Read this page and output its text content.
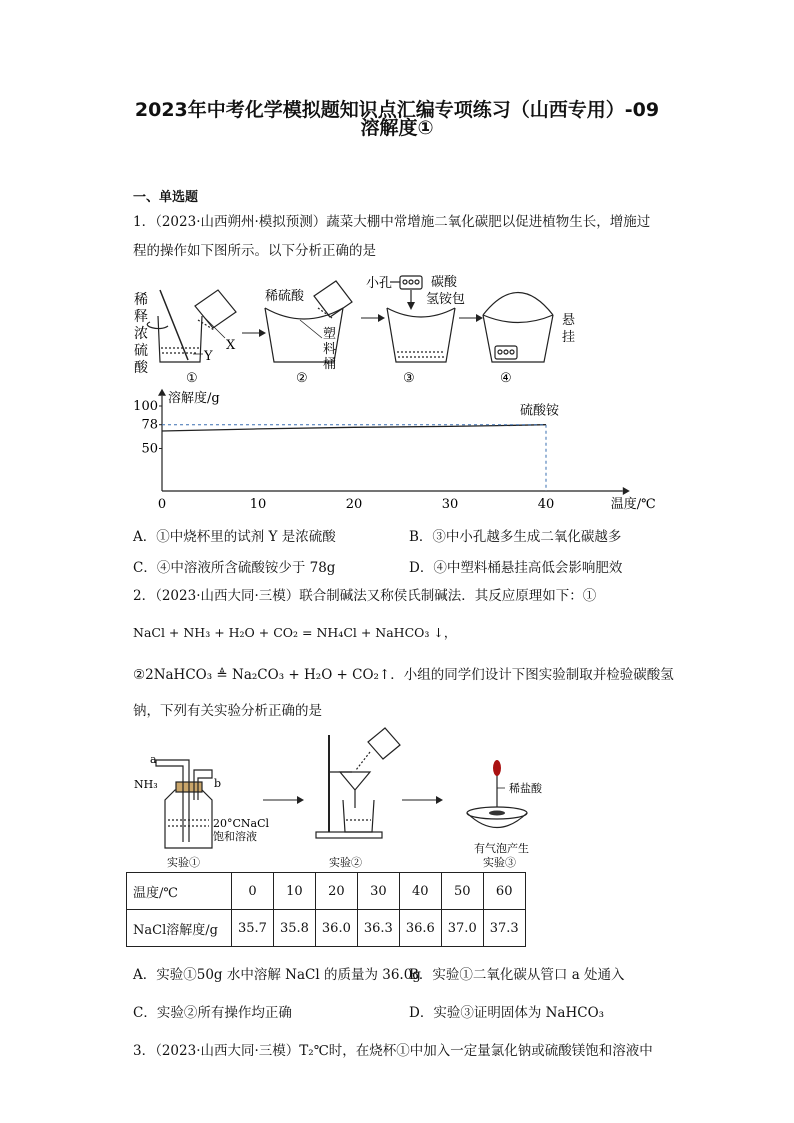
2023年中考化学模拟题知识点汇编专项练习（山西专用）-09
溶解度①
一、单选题
1．（2023·山西朔州·模拟预测）蔬菜大棚中常增施二氧化碳肥以促进植物生长，增施过
程的操作如下图所示。以下分析正确的是
稀
释
浓
硫
酸
X
Y
①
稀硫酸
塑
料
桶
②
小孔	碳酸
氢铵包
③
悬
挂
④
0	10	20	30	40
100
78
50
溶解度/g
温度/℃
硫酸铵
A．①中烧杯里的试剂 Y 是浓硫酸	B．③中小孔越多生成二氧化碳越多
C．④中溶液所含硫酸铵少于 78g	D．④中塑料桶悬挂高低会影响肥效
2．（2023·山西大同·三模）联合制碱法又称侯氏制碱法．其反应原理如下：①
NaCl + NH₃ + H₂O + CO₂ = NH₄Cl + NaHCO₃ ↓，
②2NaHCO₃ ≜ Na₂CO₃ + H₂O + CO₂↑．小组的同学们设计下图实验制取并检验碳酸氢
钠，下列有关实验分析正确的是
a
NH₃	b
20°CNaCl
饱和溶液
实验①	实验②
稀盐酸
有气泡产生
实验③
温度/℃	0	10	20	30	40	50	60
NaCl溶解度/g	35.7	35.8	36.0	36.3	36.6	37.0	37.3
A．实验①50g 水中溶解 NaCl 的质量为 36.0g
B．实验①二氧化碳从管口 a 处通入
C．实验②所有操作均正确	D．实验③证明固体为 NaHCO₃
3．（2023·山西大同·三模）T₂℃时，在烧杯①中加入一定量氯化钠或硫酸镁饱和溶液中
